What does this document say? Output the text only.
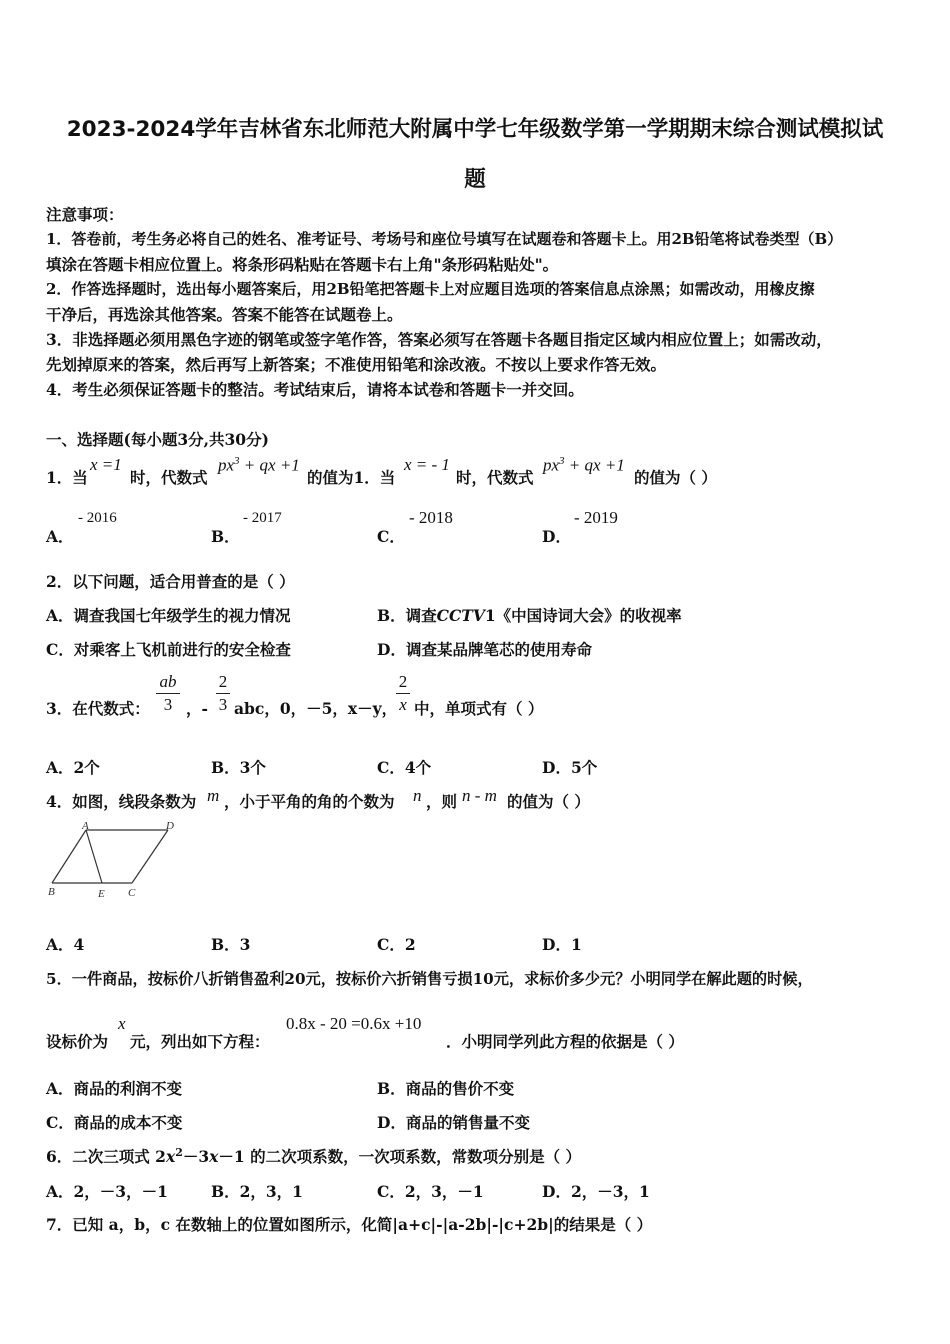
2023-2024学年吉林省东北师范大附属中学七年级数学第一学期期末综合测试模拟试
题
注意事项：
1．答卷前，考生务必将自己的姓名、准考证号、考场号和座位号填写在试题卷和答题卡上。用2B铅笔将试卷类型（B）
填涂在答题卡相应位置上。将条形码粘贴在答题卡右上角"条形码粘贴处"。
2．作答选择题时，选出每小题答案后，用2B铅笔把答题卡上对应题目选项的答案信息点涂黑；如需改动，用橡皮擦
干净后，再选涂其他答案。答案不能答在试题卷上。
3．非选择题必须用黑色字迹的钢笔或签字笔作答，答案必须写在答题卡各题目指定区域内相应位置上；如需改动，
先划掉原来的答案，然后再写上新答案；不准使用铅笔和涂改液。不按以上要求作答无效。
4．考生必须保证答题卡的整洁。考试结束后，请将本试卷和答题卡一并交回。
一、选择题(每小题3分,共30分)
1．当
x =1
时，代数式
$px^3$ + qx +1
的值为1．当
x = - 1
时，代数式
$px^3$ + qx +1
的值为（ ）
A．
- 2016
B．
- 2017
C．
- 2018
D．
- 2019
2．以下问题，适合用普查的是（ ）
A．调查我国七年级学生的视力情况	B．调查CCTV1《中国诗词大会》的收视率
C．对乘客上飞机前进行的安全检查	D．调查某品牌笔芯的使用寿命
3．在代数式：
ab
3 ，-
2
3 abc，0，－5，x－y，
2
x 中，单项式有（ ）
A．2个	B．3个	C．4个	D．5个
4．如图，线段条数为 m ，小于平角的角的个数为 n ，则 n - m 的值为（ ）
A	D
B	E C
A．4	B．3	C．2	D．1
5．一件商品，按标价八折销售盈利20元，按标价六折销售亏损10元，求标价多少元？小明同学在解此题的时候，
设标价为
x
元，列出如下方程：
0.8x - 20 =0.6x +10
．小明同学列此方程的依据是（ ）
A．商品的利润不变	B．商品的售价不变
C．商品的成本不变	D．商品的销售量不变
6．二次三项式 $2x^2-3x-1$ 的二次项系数，一次项系数，常数项分别是（ ）
A．2，－3，－1	B．2，3，1	C．2，3，－1	D．2，－3，1
7．已知 a，b，c 在数轴上的位置如图所示，化简|a+c|-|a-2b|-|c+2b|的结果是（ ）
